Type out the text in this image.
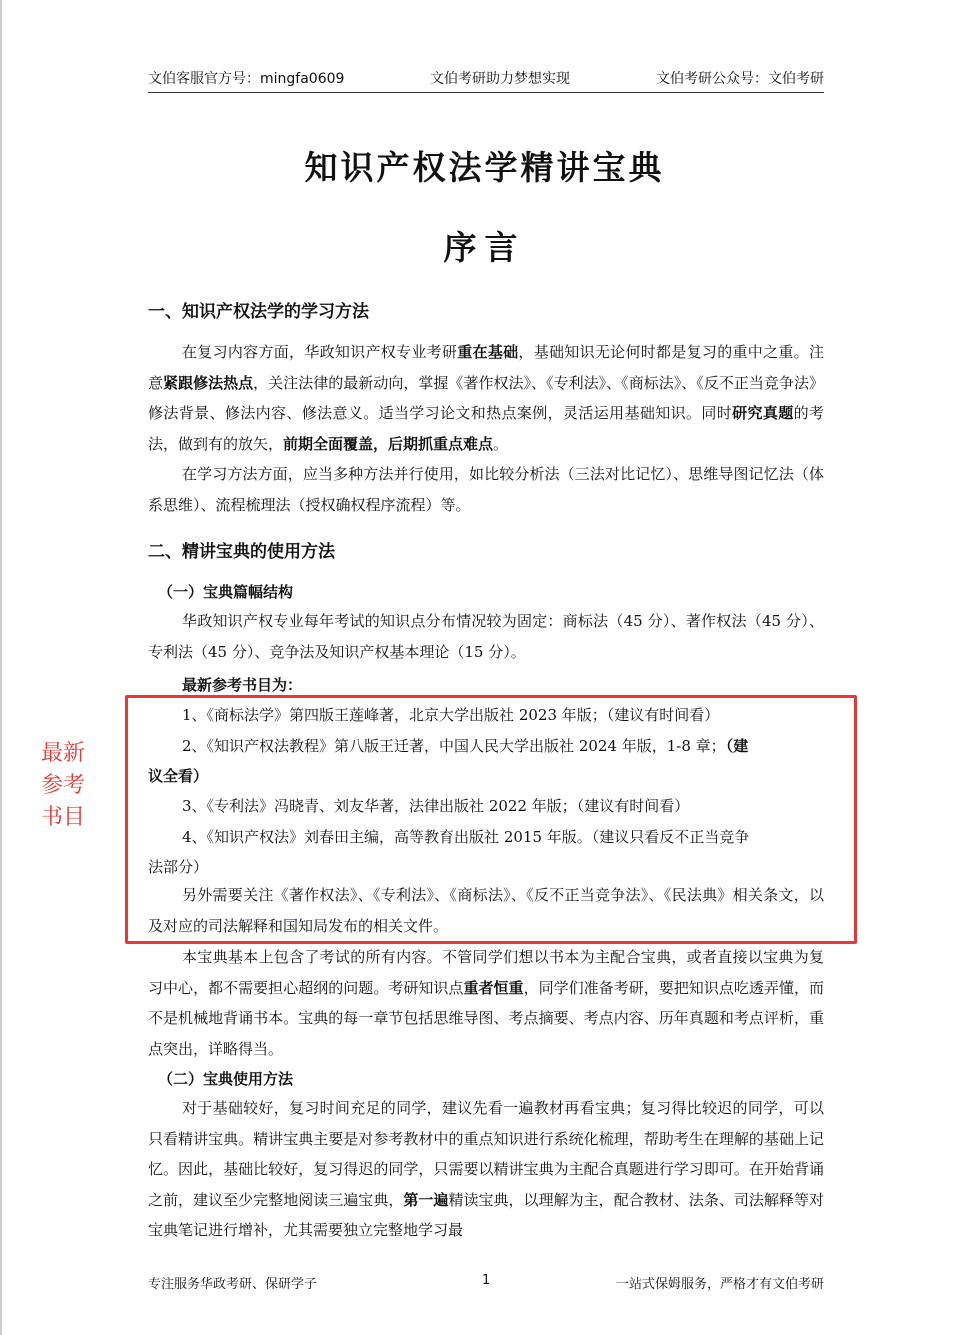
文伯客服官方号：mingfa0609	文伯考研助力梦想实现	文伯考研公众号：文伯考研
知识产权法学精讲宝典
序言
一、知识产权法学的学习方法
在复习内容方面，华政知识产权专业考研重在基础，基础知识无论何时都是复习的重中之重。注意紧跟修法热点，关注法律的最新动向，掌握《著作权法》、《专利法》、《商标法》、《反不正当竞争法》修法背景、修法内容、修法意义。适当学习论文和热点案例，灵活运用基础知识。同时研究真题的考法，做到有的放矢，前期全面覆盖，后期抓重点难点。
在学习方法方面，应当多种方法并行使用，如比较分析法（三法对比记忆）、思维导图记忆法（体系思维）、流程梳理法（授权确权程序流程）等。
二、精讲宝典的使用方法
（一）宝典篇幅结构
华政知识产权专业每年考试的知识点分布情况较为固定：商标法（45 分）、著作权法（45 分）、专利法（45 分）、竞争法及知识产权基本理论（15 分）。
最新参考书目为：
1、《商标法学》第四版王莲峰著，北京大学出版社 2023 年版；（建议有时间看）
2、《知识产权法教程》第八版王迁著，中国人民大学出版社 2024 年版，1-8 章；（建
议全看）
3、《专利法》冯晓青、刘友华著，法律出版社 2022 年版；（建议有时间看）
4、《知识产权法》刘春田主编，高等教育出版社 2015 年版。（建议只看反不正当竞争
法部分）
另外需要关注《著作权法》、《专利法》、《商标法》、《反不正当竞争法》、《民法典》相关条文，以及对应的司法解释和国知局发布的相关文件。
最新参考书目
本宝典基本上包含了考试的所有内容。不管同学们想以书本为主配合宝典，或者直接以宝典为复习中心，都不需要担心超纲的问题。考研知识点重者恒重，同学们准备考研，要把知识点吃透弄懂，而不是机械地背诵书本。宝典的每一章节包括思维导图、考点摘要、考点内容、历年真题和考点评析，重点突出，详略得当。
（二）宝典使用方法
对于基础较好，复习时间充足的同学，建议先看一遍教材再看宝典；复习得比较迟的同学，可以只看精讲宝典。精讲宝典主要是对参考教材中的重点知识进行系统化梳理，帮助考生在理解的基础上记忆。因此，基础比较好，复习得迟的同学，只需要以精讲宝典为主配合真题进行学习即可。在开始背诵之前，建议至少完整地阅读三遍宝典，第一遍精读宝典，以理解为主，配合教材、法条、司法解释等对宝典笔记进行增补，尤其需要独立完整地学习最
专注服务华政考研、保研学子	1	一站式保姆服务，严格才有文伯考研
